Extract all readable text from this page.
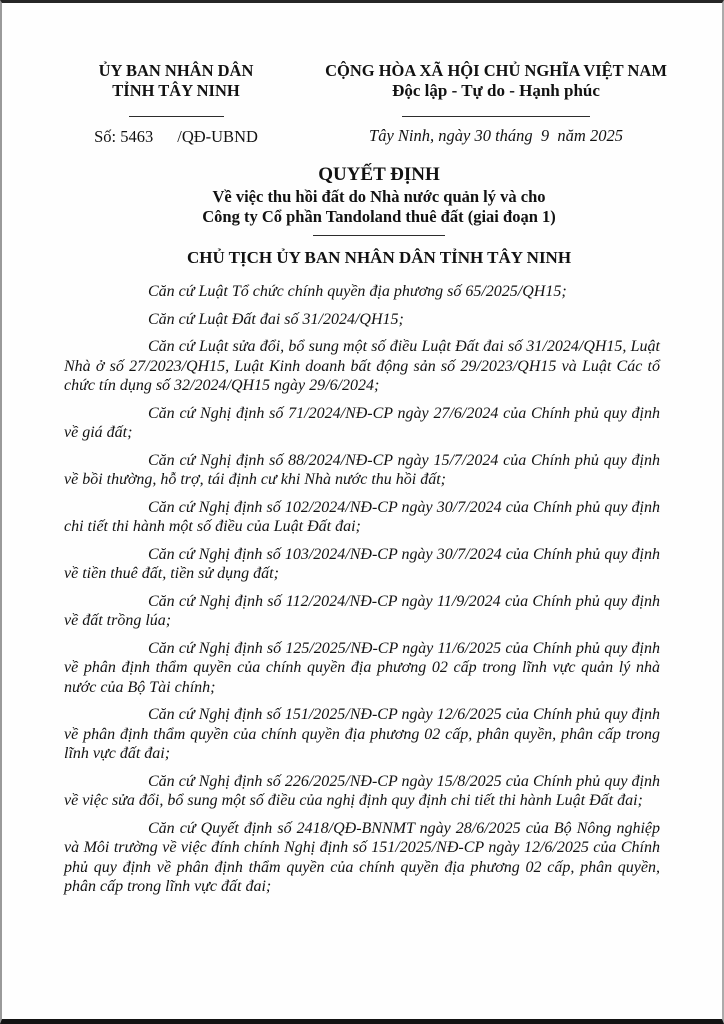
ỦY BAN NHÂN DÂN
TỈNH TÂY NINH
Số: 5463 /QĐ-UBND
CỘNG HÒA XÃ HỘI CHỦ NGHĨA VIỆT NAM
Độc lập - Tự do - Hạnh phúc
Tây Ninh, ngày 30 tháng  9  năm 2025

QUYẾT ĐỊNH

Về việc thu hồi đất do Nhà nước quản lý và cho

Công ty Cổ phần Tandoland thuê đất (giai đoạn 1)

CHỦ TỊCH ỦY BAN NHÂN DÂN TỈNH TÂY NINH

Căn cứ Luật Tổ chức chính quyền địa phương số 65/2025/QH15;

Căn cứ Luật Đất đai số 31/2024/QH15;

Căn cứ Luật sửa đổi, bổ sung một số điều Luật Đất đai số 31/2024/QH15, Luật Nhà ở số 27/2023/QH15, Luật Kinh doanh bất động sản số 29/2023/QH15 và Luật Các tổ chức tín dụng số 32/2024/QH15 ngày 29/6/2024;

Căn cứ Nghị định số 71/2024/NĐ-CP ngày 27/6/2024 của Chính phủ quy định về giá đất;

Căn cứ Nghị định số 88/2024/NĐ-CP ngày 15/7/2024 của Chính phủ quy định về bồi thường, hỗ trợ, tái định cư khi Nhà nước thu hồi đất;

Căn cứ Nghị định số 102/2024/NĐ-CP ngày 30/7/2024 của Chính phủ quy định chi tiết thi hành một số điều của Luật Đất đai;

Căn cứ Nghị định số 103/2024/NĐ-CP ngày 30/7/2024 của Chính phủ quy định về tiền thuê đất, tiền sử dụng đất;

Căn cứ Nghị định số 112/2024/NĐ-CP ngày 11/9/2024 của Chính phủ quy định về đất trồng lúa;

Căn cứ Nghị định số 125/2025/NĐ-CP ngày 11/6/2025 của Chính phủ quy định về phân định thẩm quyền của chính quyền địa phương 02 cấp trong lĩnh vực quản lý nhà nước của Bộ Tài chính;

Căn cứ Nghị định số 151/2025/NĐ-CP ngày 12/6/2025 của Chính phủ quy định về phân định thẩm quyền của chính quyền địa phương 02 cấp, phân quyền, phân cấp trong lĩnh vực đất đai;

Căn cứ Nghị định số 226/2025/NĐ-CP ngày 15/8/2025 của Chính phủ quy định về việc sửa đổi, bổ sung một số điều của nghị định quy định chi tiết thi hành Luật Đất đai;

Căn cứ Quyết định số 2418/QĐ-BNNMT ngày 28/6/2025 của Bộ Nông nghiệp và Môi trường về việc đính chính Nghị định số 151/2025/NĐ-CP ngày 12/6/2025 của Chính phủ quy định về phân định thẩm quyền của chính quyền địa phương 02 cấp, phân quyền, phân cấp trong lĩnh vực đất đai;
